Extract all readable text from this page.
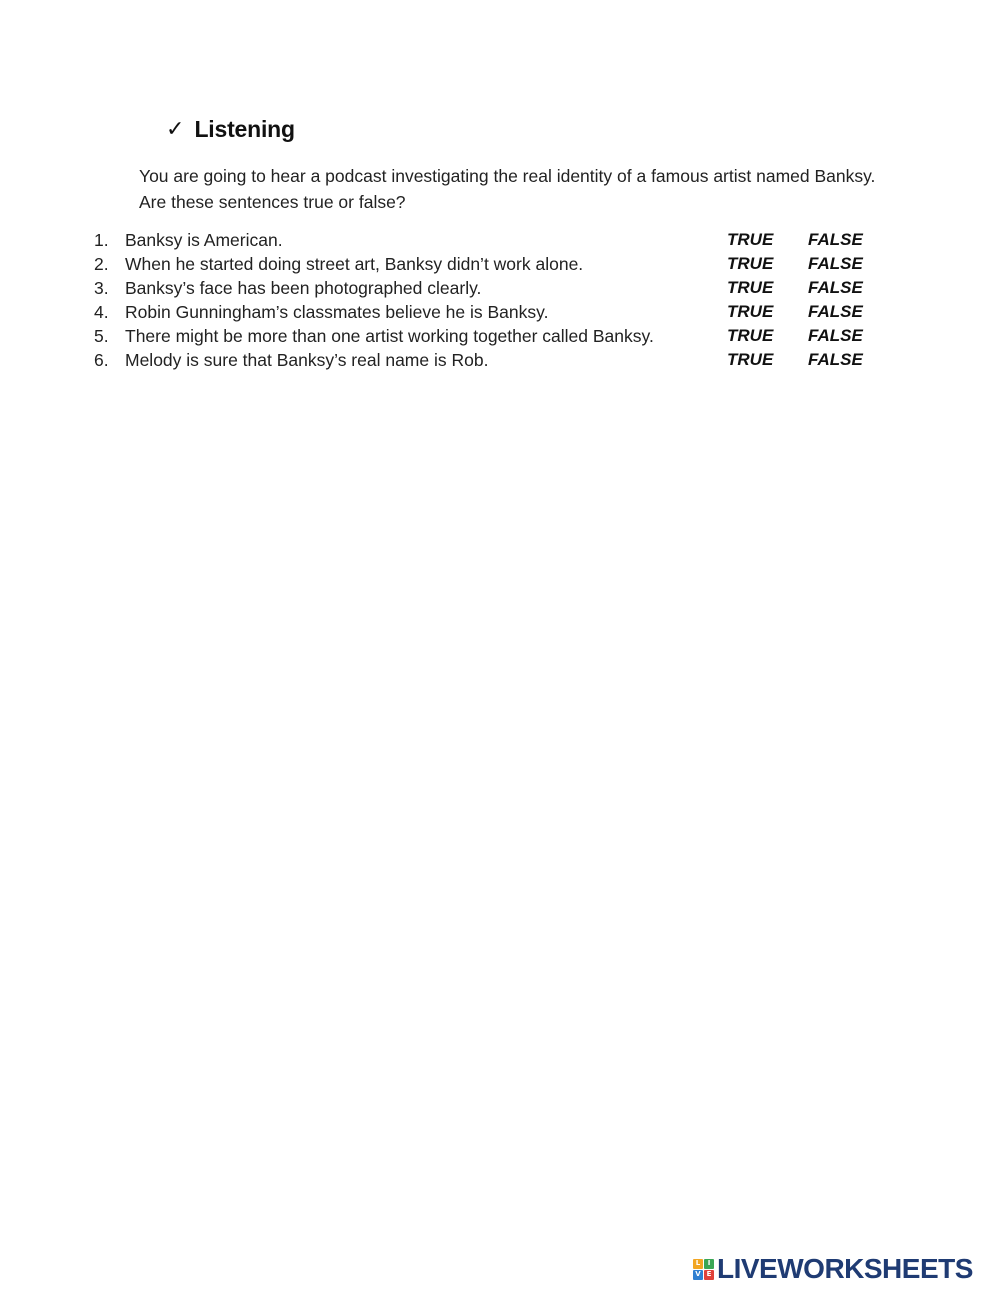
✓ Listening
You are going to hear a podcast investigating the real identity of a famous artist named Banksy. Are these sentences true or false?
1. Banksy is American.	TRUE FALSE
2. When he started doing street art, Banksy didn’t work alone.	TRUE FALSE
3. Banksy’s face has been photographed clearly.	TRUE FALSE
4. Robin Gunningham’s classmates believe he is Banksy.	TRUE FALSE
5. There might be more than one artist working together called Banksy.	TRUE FALSE
6. Melody is sure that Banksy’s real name is Rob.	TRUE FALSE
L	I
V E LIVEWORKSHEETS
